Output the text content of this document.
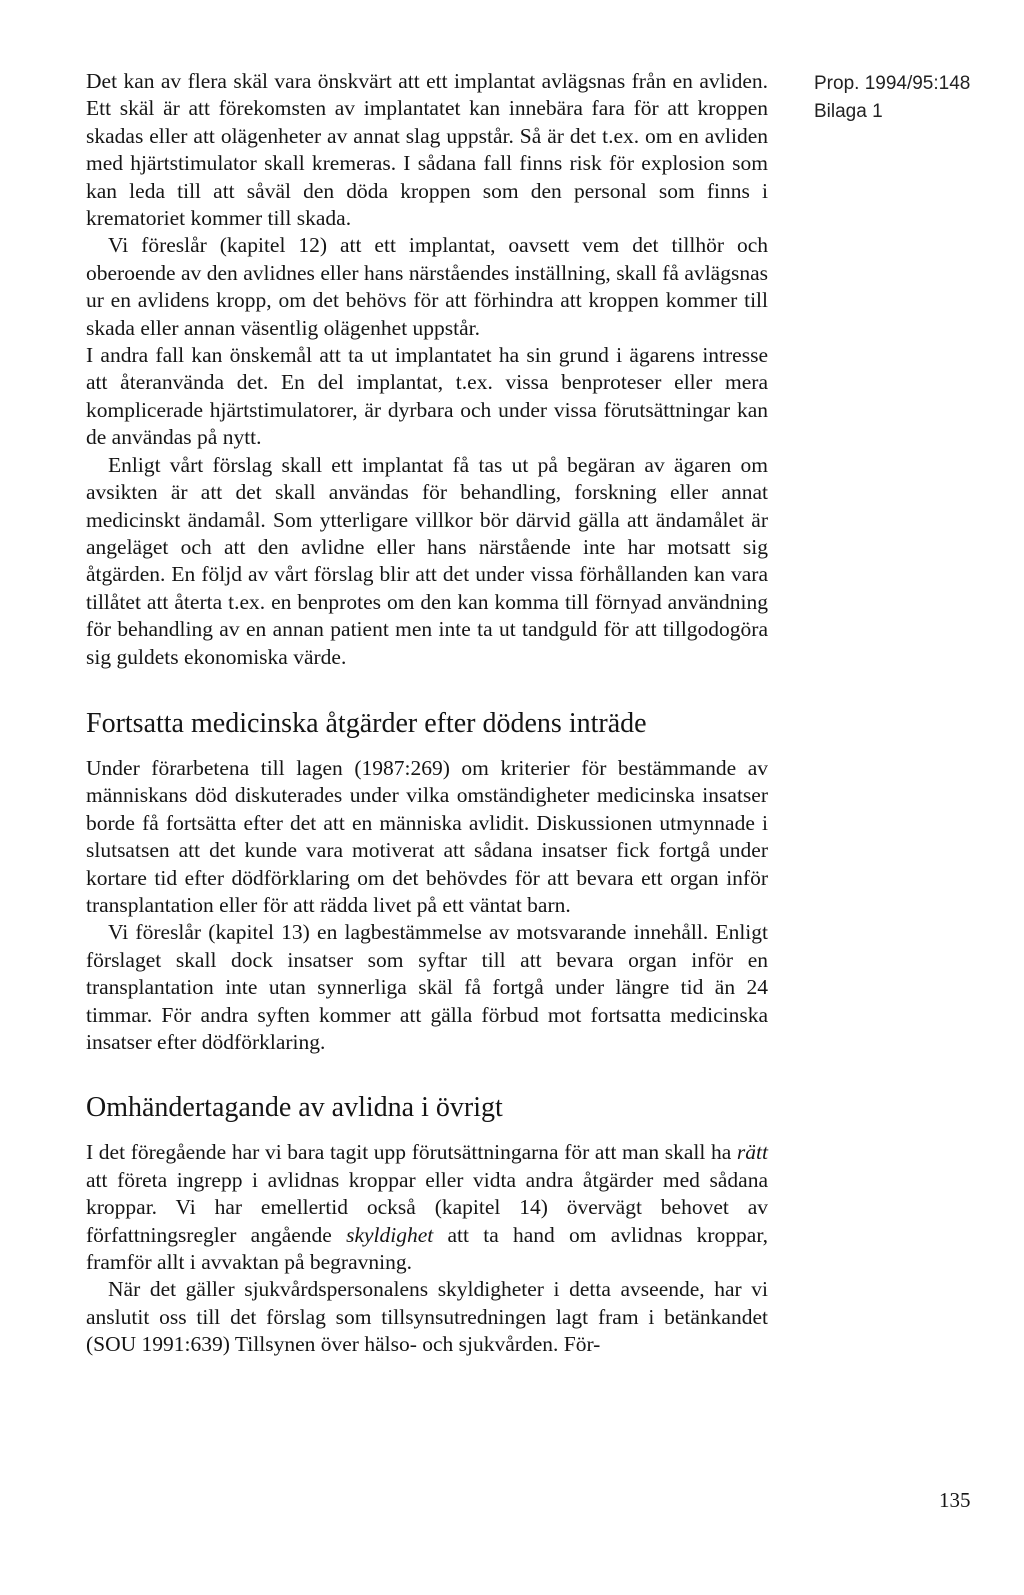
Prop. 1994/95:148
Bilaga 1

Det kan av flera skäl vara önskvärt att ett implantat avlägsnas från en avliden. Ett skäl är att förekomsten av implantatet kan innebära fara för att kroppen skadas eller att olägenheter av annat slag uppstår. Så är det t.ex. om en avliden med hjärtstimulator skall kremeras. I sådana fall finns risk för explosion som kan leda till att såväl den döda kroppen som den personal som finns i krematoriet kommer till skada.

Vi föreslår (kapitel 12) att ett implantat, oavsett vem det tillhör och oberoende av den avlidnes eller hans närståendes inställning, skall få avlägsnas ur en avlidens kropp, om det behövs för att förhindra att kroppen kommer till skada eller annan väsentlig olägenhet uppstår.

I andra fall kan önskemål att ta ut implantatet ha sin grund i ägarens intresse att återanvända det. En del implantat, t.ex. vissa benproteser eller mera komplicerade hjärtstimulatorer, är dyrbara och under vissa förutsättningar kan de användas på nytt.

Enligt vårt förslag skall ett implantat få tas ut på begäran av ägaren om avsikten är att det skall användas för behandling, forskning eller annat medicinskt ändamål. Som ytterligare villkor bör därvid gälla att ändamålet är angeläget och att den avlidne eller hans närstående inte har motsatt sig åtgärden. En följd av vårt förslag blir att det under vissa förhållanden kan vara tillåtet att återta t.ex. en benprotes om den kan komma till förnyad användning för behandling av en annan patient men inte ta ut tandguld för att tillgodogöra sig guldets ekonomiska värde.

Fortsatta medicinska åtgärder efter dödens inträde

Under förarbetena till lagen (1987:269) om kriterier för bestämmande av människans död diskuterades under vilka omständigheter medicinska insatser borde få fortsätta efter det att en människa avlidit. Diskussionen utmynnade i slutsatsen att det kunde vara motiverat att sådana insatser fick fortgå under kortare tid efter dödförklaring om det behövdes för att bevara ett organ inför transplantation eller för att rädda livet på ett väntat barn.

Vi föreslår (kapitel 13) en lagbestämmelse av motsvarande innehåll. Enligt förslaget skall dock insatser som syftar till att bevara organ inför en transplantation inte utan synnerliga skäl få fortgå under längre tid än 24 timmar. För andra syften kommer att gälla förbud mot fortsatta medicinska insatser efter dödförklaring.

Omhändertagande av avlidna i övrigt

I det föregående har vi bara tagit upp förutsättningarna för att man skall ha rätt att företa ingrepp i avlidnas kroppar eller vidta andra åtgärder med sådana kroppar. Vi har emellertid också (kapitel 14) övervägt behovet av författningsregler angående skyldighet att ta hand om avlidnas kroppar, framför allt i avvaktan på begravning.

När det gäller sjukvårdspersonalens skyldigheter i detta avseende, har vi anslutit oss till det förslag som tillsynsutredningen lagt fram i betänkandet (SOU 1991:639) Tillsynen över hälso- och sjukvården. För-

135
